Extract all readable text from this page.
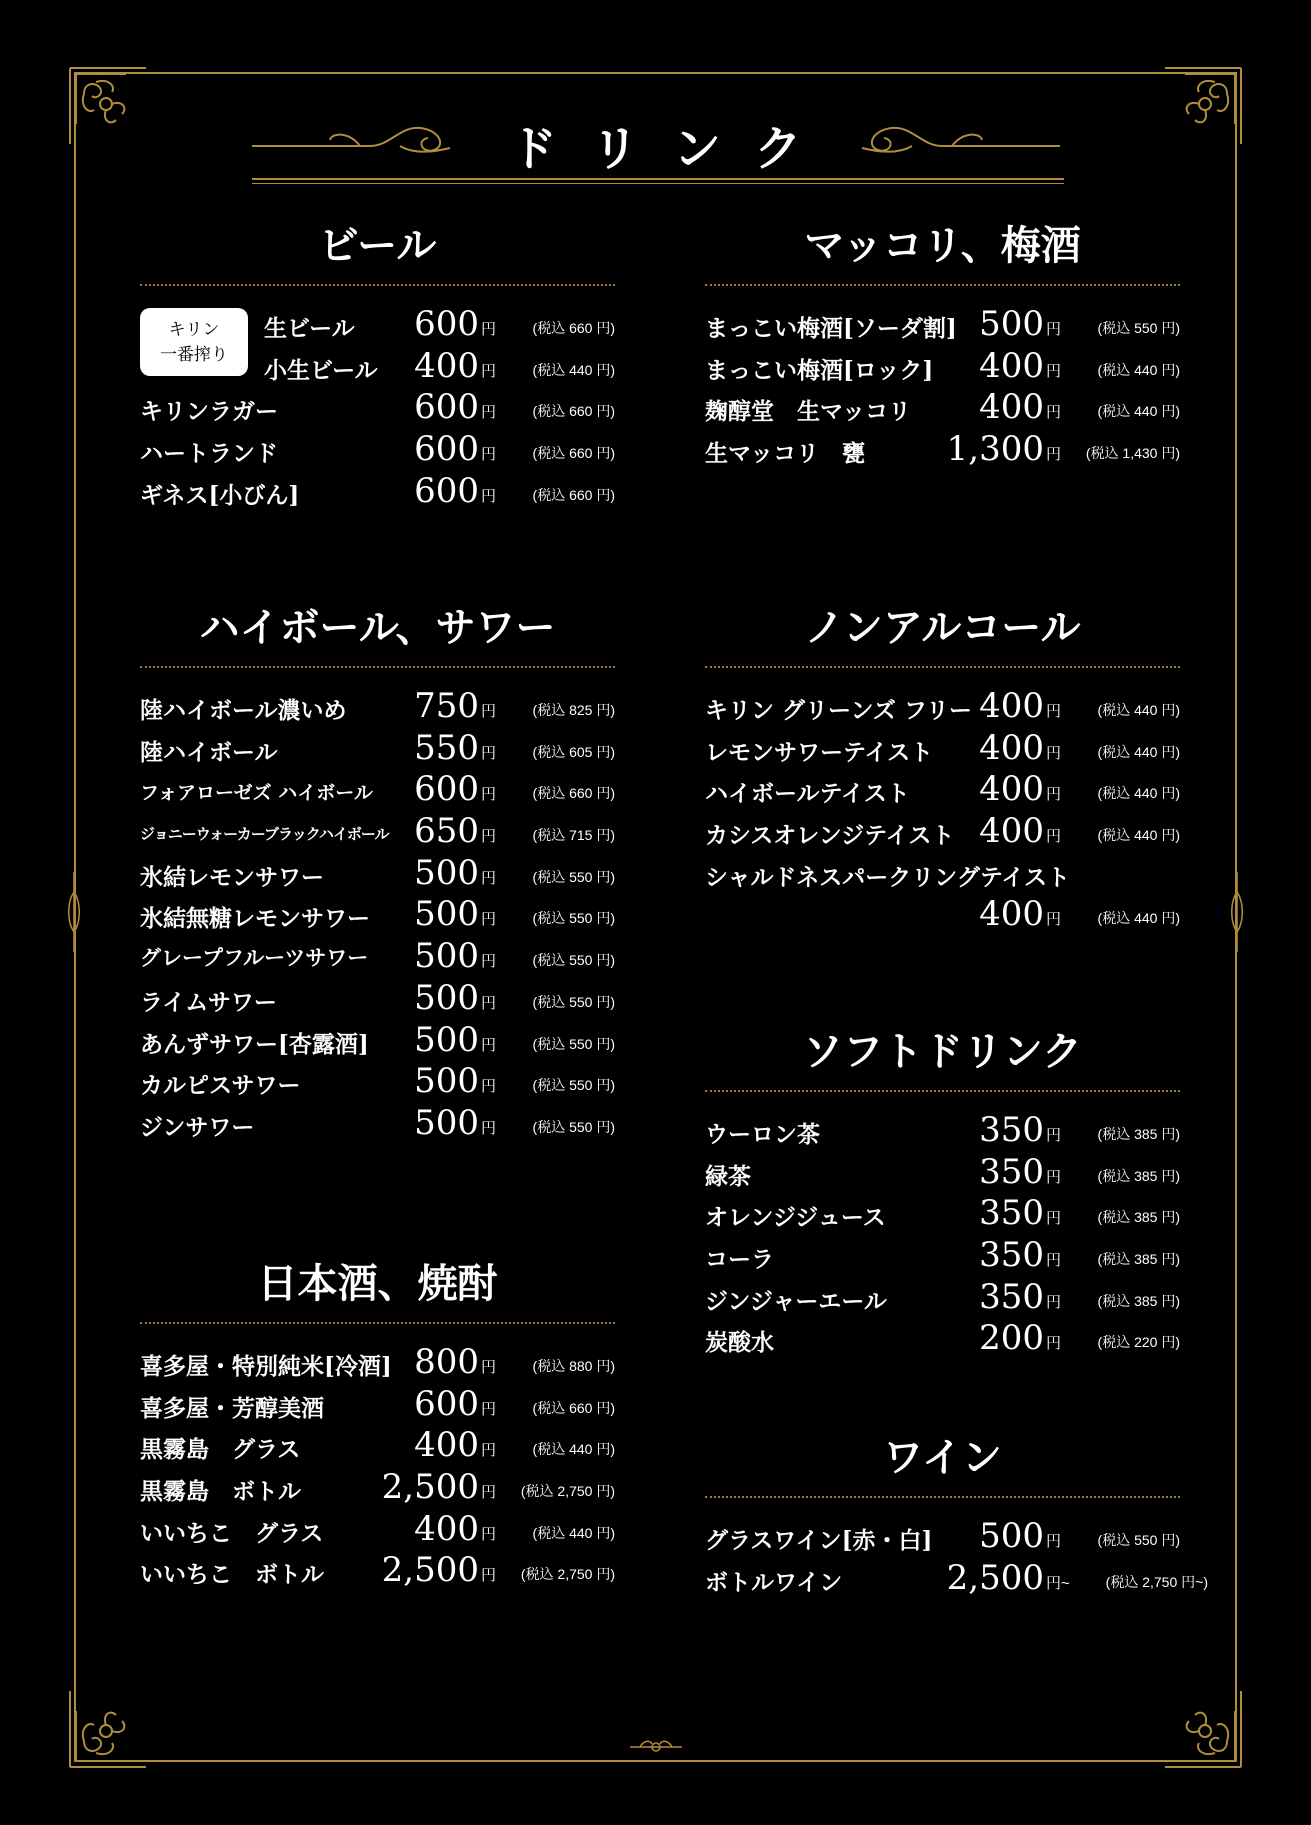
ドリンク
ビール
キリン
一番搾り
生ビール 600 円	(税込 660 円)
小生ビール 400 円	(税込 440 円)
キリンラガー	600 円	(税込 660 円)
ハートランド	600 円	(税込 660 円)
ギネス[小びん]	600 円	(税込 660 円)
マッコリ、梅酒
まっこい梅酒[ソーダ割] 500 円	(税込 550 円)
まっこい梅酒[ロック] 400 円	(税込 440 円)
麹醇堂　生マッコリ 400 円	(税込 440 円)
生マッコリ　甕 1,300 円 (税込 1,430 円)
ハイボール、サワー
陸ハイボール濃いめ 750 円	(税込 825 円)
陸ハイボール	550 円	(税込 605 円)
フォアローゼズ ハイボール 600 円	(税込 660 円)
ジョニーウォーカーブラックハイボール 650 円	(税込 715 円)
氷結レモンサワー	500 円	(税込 550 円)
氷結無糖レモンサワー 500 円	(税込 550 円)
グレープフルーツサワー 500 円	(税込 550 円)
ライムサワー	500 円	(税込 550 円)
あんずサワー[杏露酒] 500 円	(税込 550 円)
カルピスサワー	500 円	(税込 550 円)
ジンサワー	500 円	(税込 550 円)
ノンアルコール
キリン グリーンズ フリー 400 円	(税込 440 円)
レモンサワーテイスト 400 円	(税込 440 円)
ハイボールテイスト 400 円	(税込 440 円)
カシスオレンジテイスト 400 円	(税込 440 円)
シャルドネスパークリングテイスト
400 円	(税込 440 円)
ソフトドリンク
ウーロン茶	350 円	(税込 385 円)
緑茶	350 円	(税込 385 円)
オレンジジュース	350 円	(税込 385 円)
コーラ	350 円	(税込 385 円)
ジンジャーエール	350 円	(税込 385 円)
炭酸水	200 円	(税込 220 円)
日本酒、焼酎
喜多屋・特別純米[冷酒] 800 円	(税込 880 円)
喜多屋・芳醇美酒	600 円	(税込 660 円)
黒霧島　グラス	400 円	(税込 440 円)
黒霧島　ボトル 2,500 円 (税込 2,750 円)
いいちこ　グラス	400 円	(税込 440 円)
いいちこ　ボトル 2,500 円 (税込 2,750 円)
ワイン
グラスワイン[赤・白] 500 円	(税込 550 円)
ボトルワイン	2,500 円~	(税込 2,750 円~)
